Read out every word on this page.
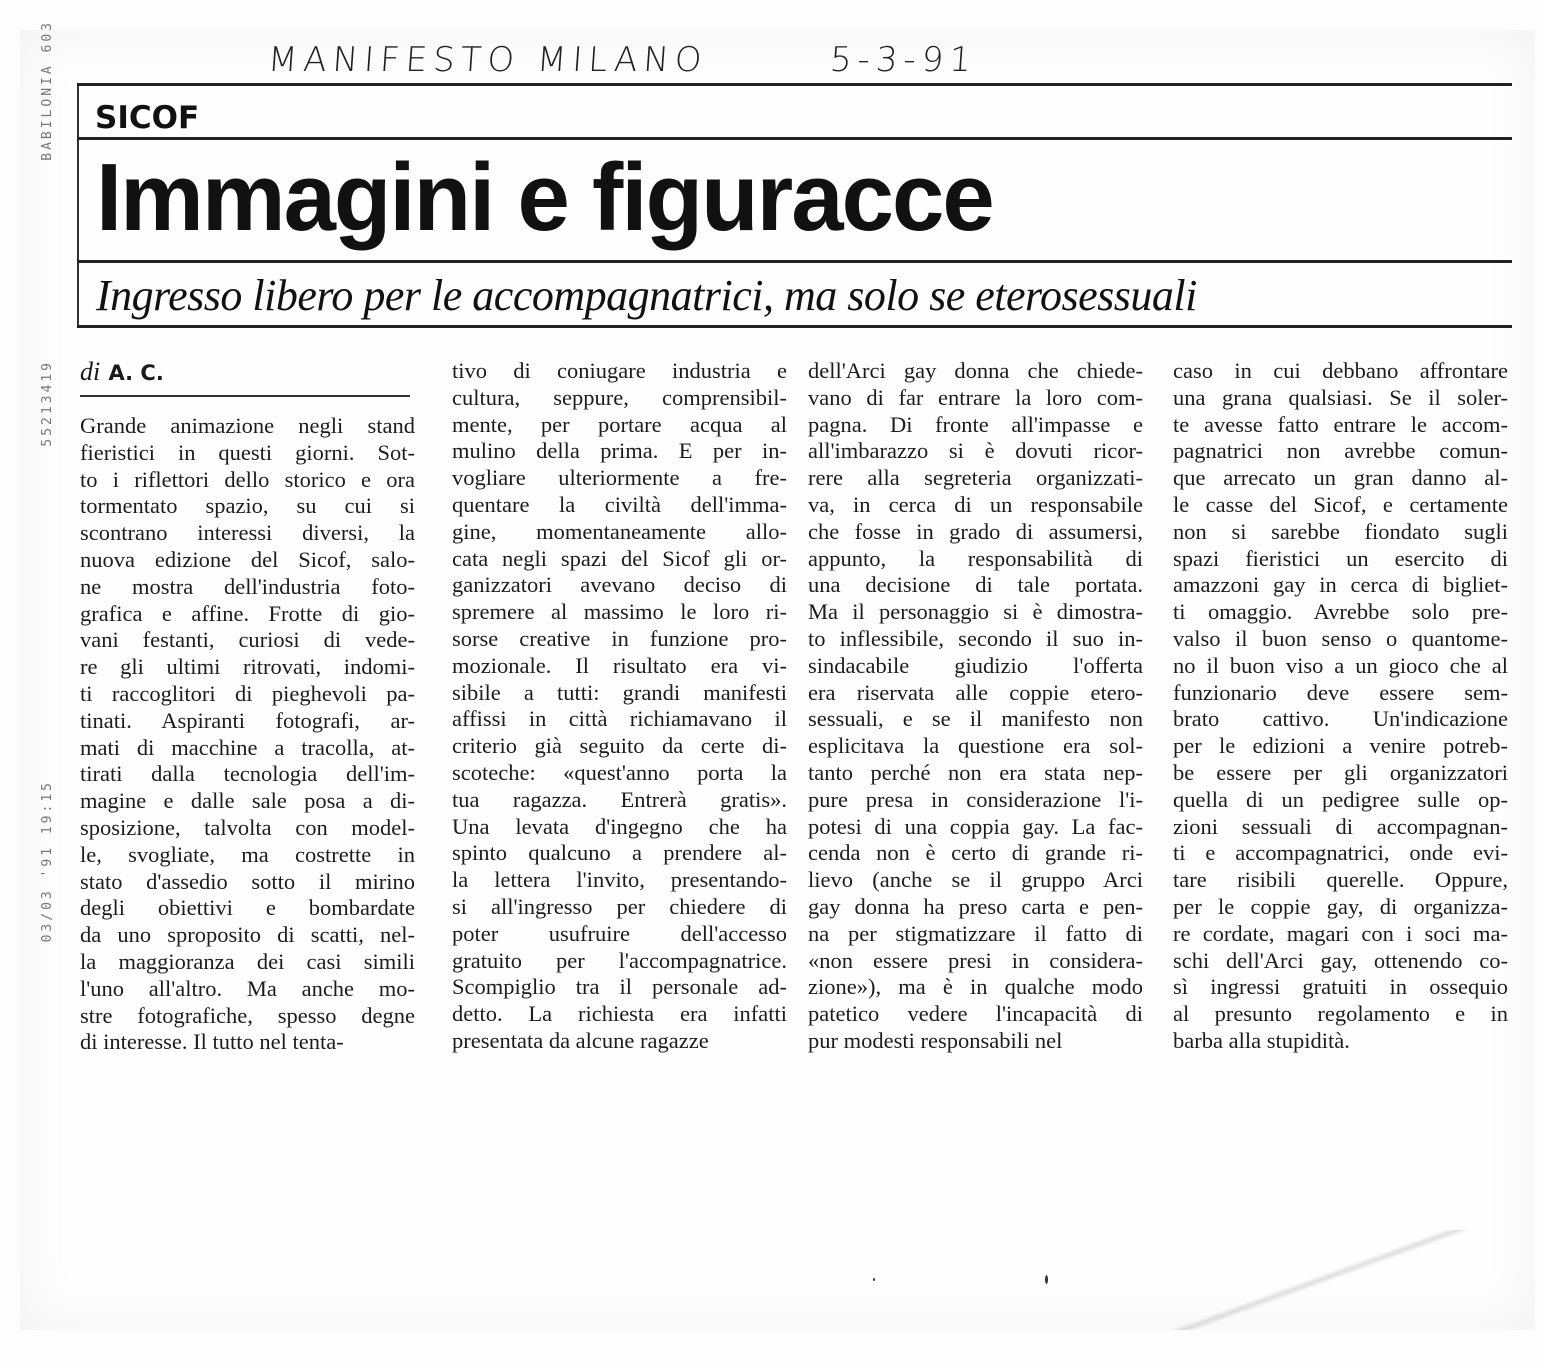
BABILONIA 603
55213419
03/03 '91 19:15
MANIFESTO MILANO	5-3-91
SICOF
Immagini e figuracce
Ingresso libero per le accompagnatrici, ma solo se eterosessuali
di A. C.
Grande animazione negli stand
fieristici in questi giorni. Sot-
to i riflettori dello storico e ora
tormentato spazio, su cui si
scontrano interessi diversi, la
nuova edizione del Sicof, salo-
ne mostra dell'industria foto-
grafica e affine. Frotte di gio-
vani festanti, curiosi di vede-
re gli ultimi ritrovati, indomi-
ti raccoglitori di pieghevoli pa-
tinati. Aspiranti fotografi, ar-
mati di macchine a tracolla, at-
tirati dalla tecnologia dell'im-
magine e dalle sale posa a di-
sposizione, talvolta con model-
le, svogliate, ma costrette in
stato d'assedio sotto il mirino
degli obiettivi e bombardate
da uno sproposito di scatti, nel-
la maggioranza dei casi simili
l'uno all'altro. Ma anche mo-
stre fotografiche, spesso degne
di interesse. Il tutto nel tenta-
tivo di coniugare industria e
cultura, seppure, comprensibil-
mente, per portare acqua al
mulino della prima. E per in-
vogliare ulteriormente a fre-
quentare la civiltà dell'imma-
gine, momentaneamente allo-
cata negli spazi del Sicof gli or-
ganizzatori avevano deciso di
spremere al massimo le loro ri-
sorse creative in funzione pro-
mozionale. Il risultato era vi-
sibile a tutti: grandi manifesti
affissi in città richiamavano il
criterio già seguito da certe di-
scoteche: «quest'anno porta la
tua ragazza. Entrerà gratis».
Una levata d'ingegno che ha
spinto qualcuno a prendere al-
la lettera l'invito, presentando-
si all'ingresso per chiedere di
poter usufruire dell'accesso
gratuito per l'accompagnatrice.
Scompiglio tra il personale ad-
detto. La richiesta era infatti
presentata da alcune ragazze
dell'Arci gay donna che chiede-
vano di far entrare la loro com-
pagna. Di fronte all'impasse e
all'imbarazzo si è dovuti ricor-
rere alla segreteria organizzati-
va, in cerca di un responsabile
che fosse in grado di assumersi,
appunto, la responsabilità di
una decisione di tale portata.
Ma il personaggio si è dimostra-
to inflessibile, secondo il suo in-
sindacabile giudizio l'offerta
era riservata alle coppie etero-
sessuali, e se il manifesto non
esplicitava la questione era sol-
tanto perché non era stata nep-
pure presa in considerazione l'i-
potesi di una coppia gay. La fac-
cenda non è certo di grande ri-
lievo (anche se il gruppo Arci
gay donna ha preso carta e pen-
na per stigmatizzare il fatto di
«non essere presi in considera-
zione»), ma è in qualche modo
patetico vedere l'incapacità di
pur modesti responsabili nel
caso in cui debbano affrontare
una grana qualsiasi. Se il soler-
te avesse fatto entrare le accom-
pagnatrici non avrebbe comun-
que arrecato un gran danno al-
le casse del Sicof, e certamente
non si sarebbe fiondato sugli
spazi fieristici un esercito di
amazzoni gay in cerca di bigliet-
ti omaggio. Avrebbe solo pre-
valso il buon senso o quantome-
no il buon viso a un gioco che al
funzionario deve essere sem-
brato cattivo. Un'indicazione
per le edizioni a venire potreb-
be essere per gli organizzatori
quella di un pedigree sulle op-
zioni sessuali di accompagnan-
ti e accompagnatrici, onde evi-
tare risibili querelle. Oppure,
per le coppie gay, di organizza-
re cordate, magari con i soci ma-
schi dell'Arci gay, ottenendo co-
sì ingressi gratuiti in ossequio
al presunto regolamento e in
barba alla stupidità.
